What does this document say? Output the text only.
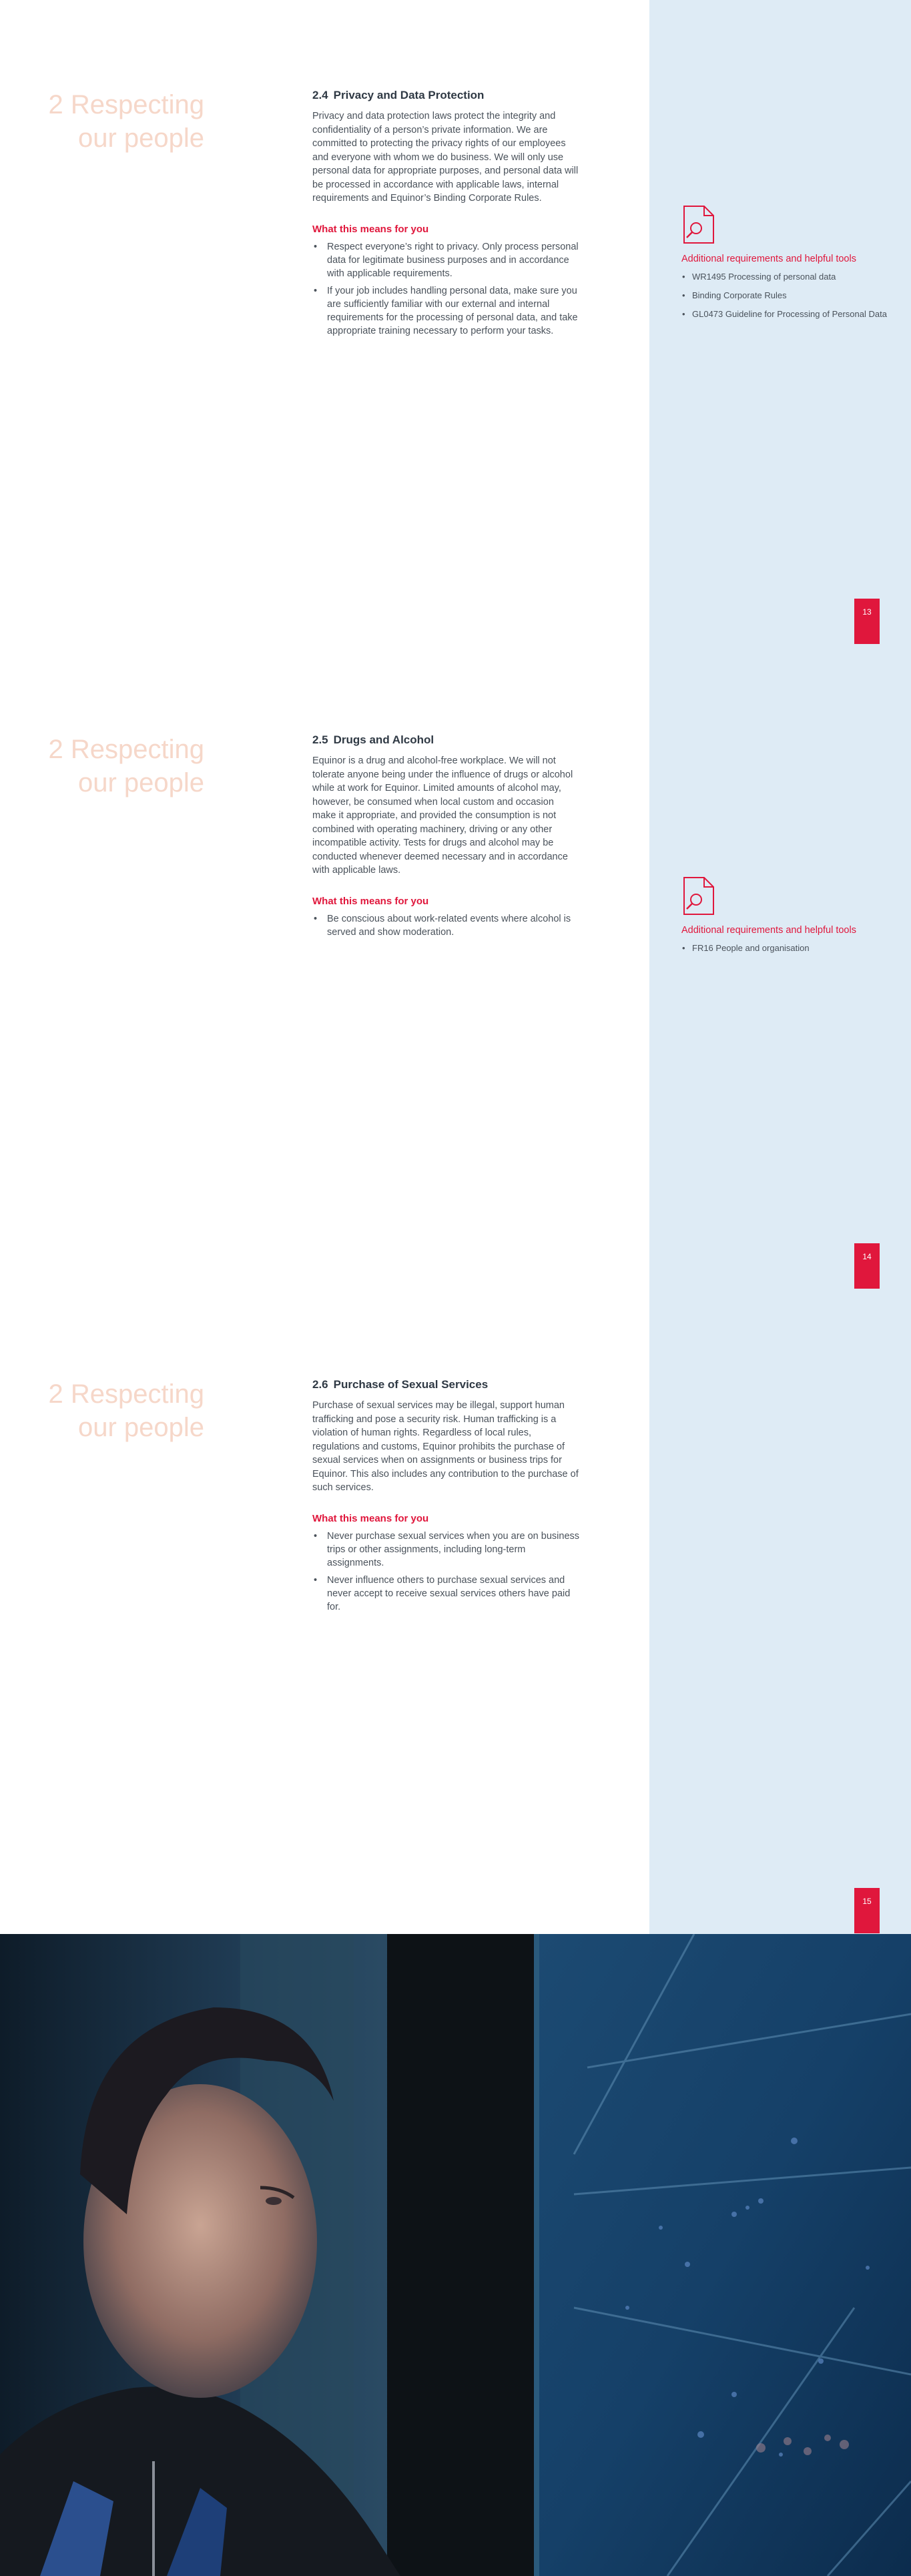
2 Respecting
our people
2.4 Privacy and Data Protection

Privacy and data protection laws protect the integrity and confidentiality of a person’s private information. We are committed to protecting the privacy rights of our employees and everyone with whom we do business. We will only use personal data for appropriate purposes, and personal data will be processed in accordance with applicable laws, internal requirements and Equinor’s Binding Corporate Rules.

What this means for you
• Respect everyone’s right to privacy. Only process personal data for legitimate business purposes and in accordance with applicable requirements.
• If your job includes handling personal data, make sure you are sufficiently familiar with our external and internal requirements for the processing of personal data, and take appropriate training necessary to perform your tasks.
Additional requirements and helpful tools
• WR1495 Processing of personal data
• Binding Corporate Rules
• GL0473 Guideline for Processing of Personal Data
13
2 Respecting
our people
2.5 Drugs and Alcohol

Equinor is a drug and alcohol-free workplace. We will not tolerate anyone being under the influence of drugs or alcohol while at work for Equinor. Limited amounts of alcohol may, however, be consumed when local custom and occasion make it appropriate, and provided the consumption is not combined with operating machinery, driving or any other incompatible activity. Tests for drugs and alcohol may be conducted whenever deemed necessary and in accordance with applicable laws.

What this means for you
• Be conscious about work-related events where alcohol is served and show moderation.	Additional requirements and helpful tools
• FR16 People and organisation
14
2 Respecting
our people
2.6 Purchase of Sexual Services

Purchase of sexual services may be illegal, support human trafficking and pose a security risk. Human trafficking is a violation of human rights. Regardless of local rules, regulations and customs, Equinor prohibits the purchase of sexual services when on assignments or business trips for Equinor. This also includes any contribution to the purchase of such services.

What this means for you
• Never purchase sexual services when you are on business trips or other assignments, including long-term assignments.
• Never influence others to purchase sexual services and never accept to receive sexual services others have paid for.
15
